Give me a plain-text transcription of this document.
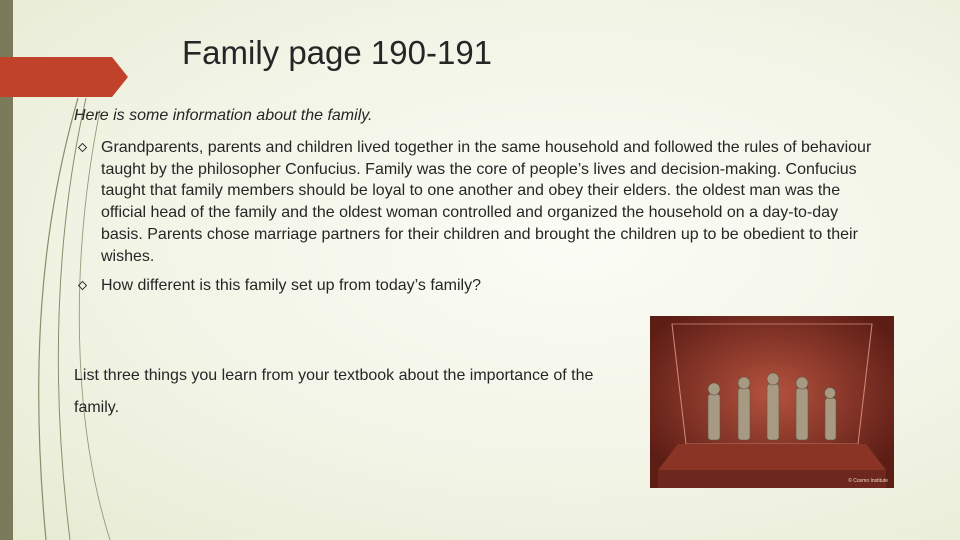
Family page 190-191
Here is some information about the family.
Grandparents, parents and children lived together in the same household and followed the rules of behaviour taught by the philosopher Confucius. Family was the core of people’s lives and decision-making. Confucius taught that family members should be loyal to one another and obey their elders. the oldest man was the official head of the family and the oldest woman controlled and organized the household on a day-to-day basis. Parents chose marriage partners for their children and brought the children up to be obedient to their wishes.
How different is this family set up from today’s family?
List three things you learn from your textbook about the importance of the family.
© Cosmo Institute
